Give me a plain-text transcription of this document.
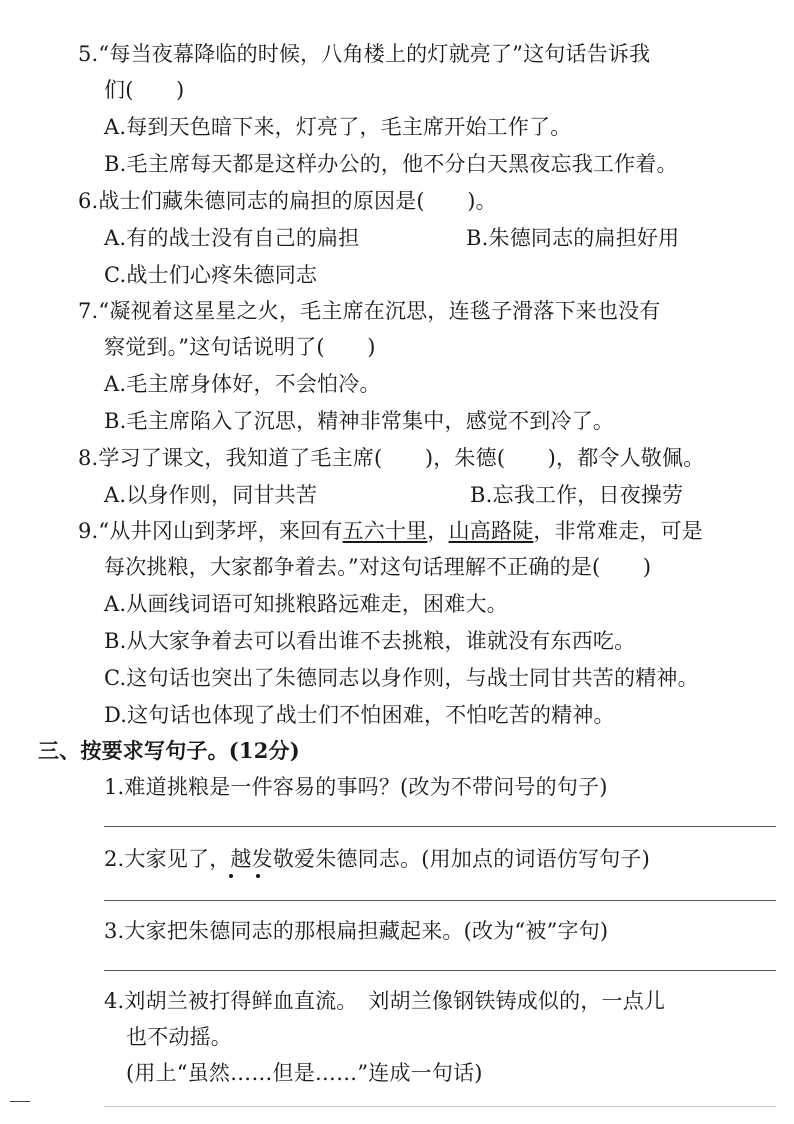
5.“每当夜幕降临的时候，八角楼上的灯就亮了”这句话告诉我
们(　　)
A.每到天色暗下来，灯亮了，毛主席开始工作了。
B.毛主席每天都是这样办公的，他不分白天黑夜忘我工作着。
6.战士们藏朱德同志的扁担的原因是(　　)。
A.有的战士没有自己的扁担	B.朱德同志的扁担好用
C.战士们心疼朱德同志
7.“凝视着这星星之火，毛主席在沉思，连毯子滑落下来也没有
察觉到。”这句话说明了(　　)
A.毛主席身体好，不会怕冷。
B.毛主席陷入了沉思，精神非常集中，感觉不到冷了。
8.学习了课文，我知道了毛主席(　　)，朱德(　　)，都令人敬佩。
A.以身作则，同甘共苦	B.忘我工作，日夜操劳
9.“从井冈山到茅坪，来回有五六十里，山高路陡，非常难走，可是
每次挑粮，大家都争着去。”对这句话理解不正确的是(　　)
A.从画线词语可知挑粮路远难走，困难大。
B.从大家争着去可以看出谁不去挑粮，谁就没有东西吃。
C.这句话也突出了朱德同志以身作则，与战士同甘共苦的精神。
D.这句话也体现了战士们不怕困难，不怕吃苦的精神。
三、按要求写句子。(12分)
1.难道挑粮是一件容易的事吗？(改为不带问号的句子)
2.大家见了，越发敬爱朱德同志。(用加点的词语仿写句子)
3.大家把朱德同志的那根扁担藏起来。(改为“被”字句)
4.刘胡兰被打得鲜血直流。　刘胡兰像钢铁铸成似的，一点儿
也不动摇。
(用上“虽然……但是……”连成一句话)
